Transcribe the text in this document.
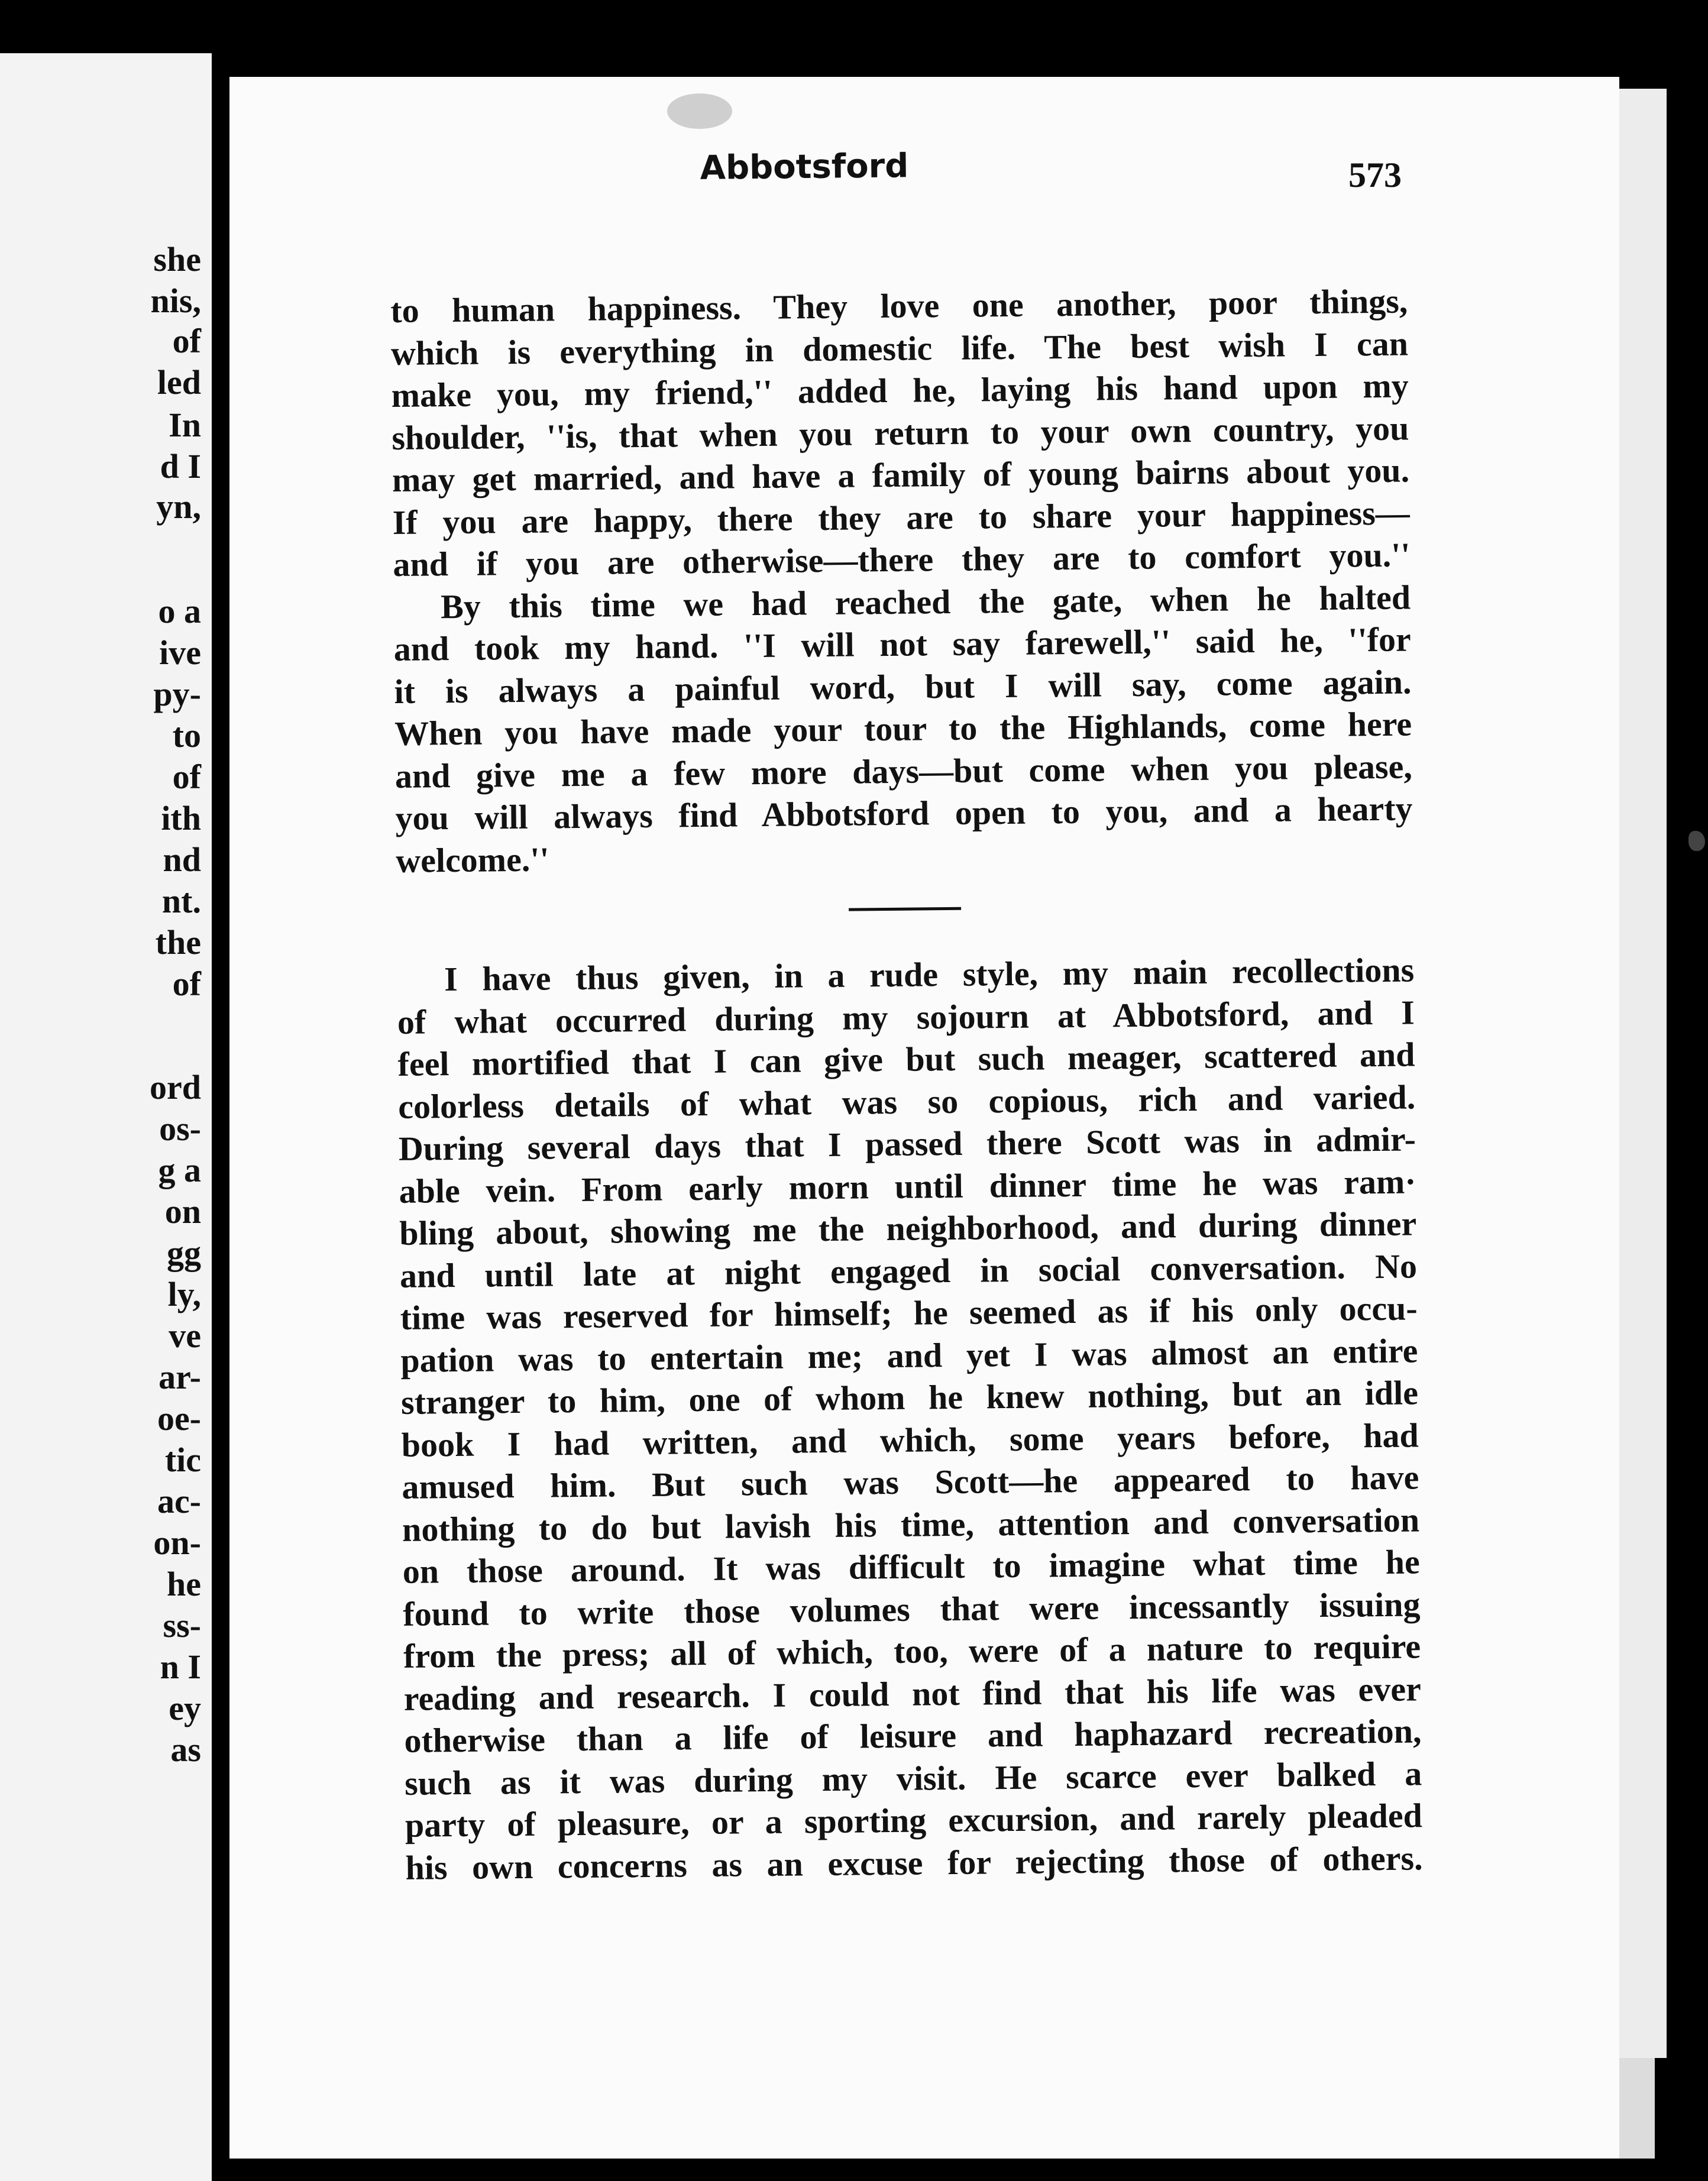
she
nis,
of
led
In
d I
yn,
o a
ive
py-
to
of
ith
nd
nt.
the
of
ord
os-
g a
on
gg
ly,
ve
ar-
oe-
tic
ac-
on-
he
ss-
n I
ey
as
Abbotsford	573
to human happiness. They love one another, poor things,
which is everything in domestic life. The best wish I can
make you, my friend,'' added he, laying his hand upon my
shoulder, ''is, that when you return to your own country, you
may get married, and have a family of young bairns about you.
If you are happy, there they are to share your happiness—
and if you are otherwise—there they are to comfort you.''
By this time we had reached the gate, when he halted
and took my hand. ''I will not say farewell,'' said he, ''for
it is always a painful word, but I will say, come again.
When you have made your tour to the Highlands, come here
and give me a few more days—but come when you please,
you will always find Abbotsford open to you, and a hearty
welcome.''
I have thus given, in a rude style, my main recollections
of what occurred during my sojourn at Abbotsford, and I
feel mortified that I can give but such meager, scattered and
colorless details of what was so copious, rich and varied.
During several days that I passed there Scott was in admir-
able vein. From early morn until dinner time he was ram·
bling about, showing me the neighborhood, and during dinner
and until late at night engaged in social conversation. No
time was reserved for himself; he seemed as if his only occu-
pation was to entertain me; and yet I was almost an entire
stranger to him, one of whom he knew nothing, but an idle
book I had written, and which, some years before, had
amused him. But such was Scott—he appeared to have
nothing to do but lavish his time, attention and conversation
on those around. It was difficult to imagine what time he
found to write those volumes that were incessantly issuing
from the press; all of which, too, were of a nature to require
reading and research. I could not find that his life was ever
otherwise than a life of leisure and haphazard recreation,
such as it was during my visit. He scarce ever balked a
party of pleasure, or a sporting excursion, and rarely pleaded
his own concerns as an excuse for rejecting those of others.
